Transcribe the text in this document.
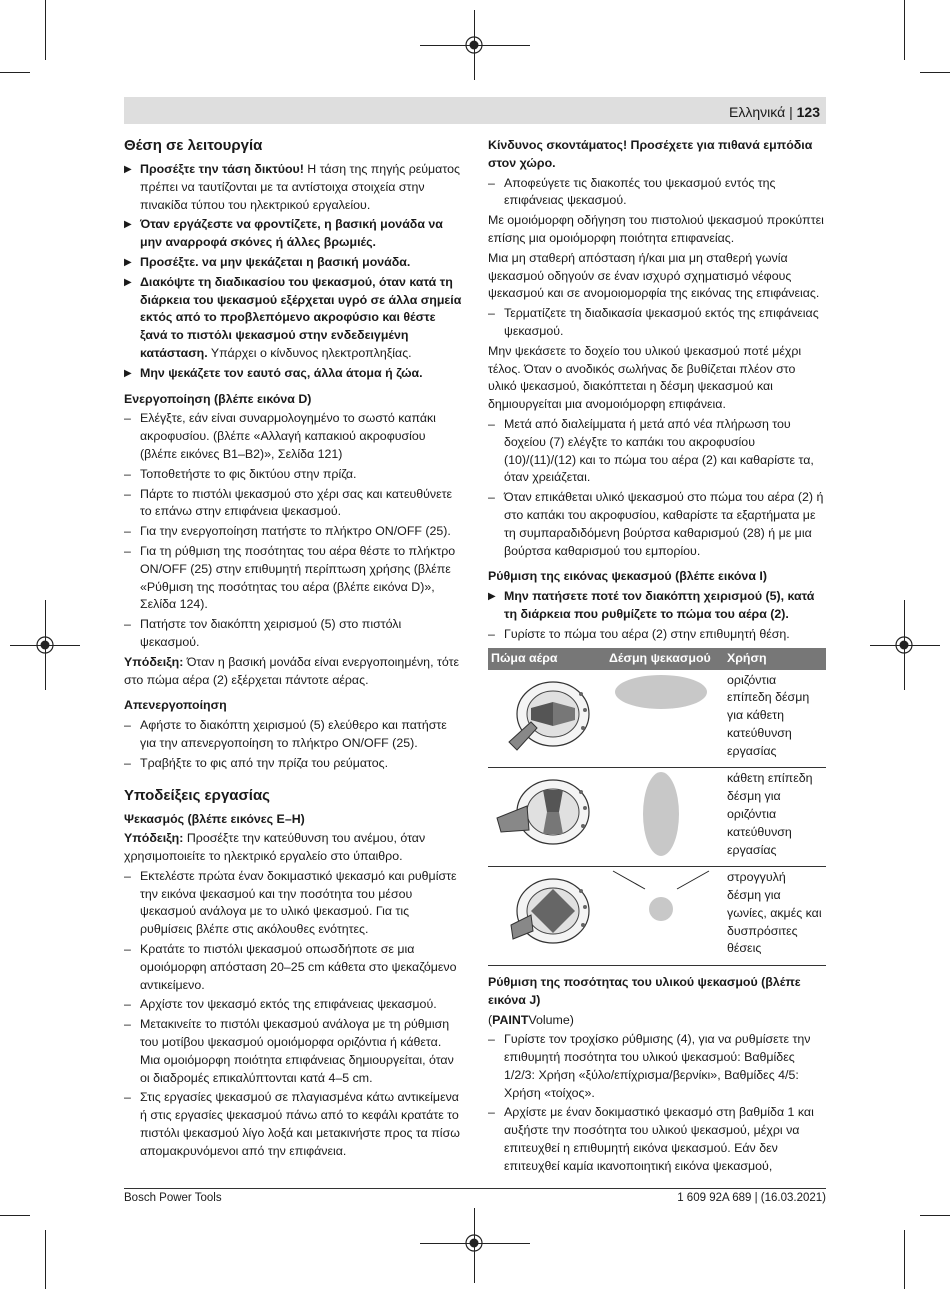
Ελληνικά | 123
Θέση σε λειτουργία
▶ Προσέξτε την τάση δικτύου! Η τάση της πηγής ρεύματος πρέπει να ταυτίζονται με τα αντίστοιχα στοιχεία στην πινακίδα τύπου του ηλεκτρικού εργαλείου.
▶ Όταν εργάζεστε να φροντίζετε, η βασική μονάδα να μην αναρροφά σκόνες ή άλλες βρωμιές.
▶ Προσέξτε. να μην ψεκάζεται η βασική μονάδα.
▶ Διακόψτε τη διαδικασίου του ψεκασμού, όταν κατά τη διάρκεια του ψεκασμού εξέρχεται υγρό σε άλλα σημεία εκτός από το προβλεπόμενο ακροφύσιο και θέστε ξανά το πιστόλι ψεκασμού στην ενδεδειγμένη κατάσταση. Υπάρχει ο κίνδυνος ηλεκτροπληξίας.
▶ Μην ψεκάζετε τον εαυτό σας, άλλα άτομα ή ζώα.
Ενεργοποίηση (βλέπε εικόνα D)
– Ελέγξτε, εάν είναι συναρμολογημένο το σωστό καπάκι ακροφυσίου. (βλέπε «Αλλαγή καπακιού ακροφυσίου (βλέπε εικόνες B1–B2)», Σελίδα 121)
– Τοποθετήστε το φις δικτύου στην πρίζα.
– Πάρτε το πιστόλι ψεκασμού στο χέρι σας και κατευθύνετε το επάνω στην επιφάνεια ψεκασμού.
– Για την ενεργοποίηση πατήστε το πλήκτρο ON/OFF (25).
– Για τη ρύθμιση της ποσότητας του αέρα θέστε το πλήκτρο ON/OFF (25) στην επιθυμητή περίπτωση χρήσης (βλέπε «Ρύθμιση της ποσότητας του αέρα (βλέπε εικόνα D)», Σελίδα 124).
– Πατήστε τον διακόπτη χειρισμού (5) στο πιστόλι ψεκασμού.

Υπόδειξη: Όταν η βασική μονάδα είναι ενεργοποιημένη, τότε στο πώμα αέρα (2) εξέρχεται πάντοτε αέρας.

Απενεργοποίηση
– Αφήστε το διακόπτη χειρισμού (5) ελεύθερο και πατήστε για την απενεργοποίηση το πλήκτρο ON/OFF (25).
– Τραβήξτε το φις από την πρίζα του ρεύματος.
Υποδείξεις εργασίας
Ψεκασμός (βλέπε εικόνες E–H)

Υπόδειξη: Προσέξτε την κατεύθυνση του ανέμου, όταν χρησιμοποιείτε το ηλεκτρικό εργαλείο στο ύπαιθρο.

– Εκτελέστε πρώτα έναν δοκιμαστικό ψεκασμό και ρυθμίστε την εικόνα ψεκασμού και την ποσότητα του μέσου ψεκασμού ανάλογα με το υλικό ψεκασμού. Για τις ρυθμίσεις βλέπε στις ακόλουθες ενότητες.
– Κρατάτε το πιστόλι ψεκασμού οπωσδήποτε σε μια ομοιόμορφη απόσταση 20–25 cm κάθετα στο ψεκαζόμενο αντικείμενο.
– Αρχίστε τον ψεκασμό εκτός της επιφάνειας ψεκασμού.
– Μετακινείτε το πιστόλι ψεκασμού ανάλογα με τη ρύθμιση του μοτίβου ψεκασμού ομοιόμορφα οριζόντια ή κάθετα. Μια ομοιόμορφη ποιότητα επιφάνειας δημιουργείται, όταν οι διαδρομές επικαλύπτονται κατά 4–5 cm.
– Στις εργασίες ψεκασμού σε πλαγιασμένα κάτω αντικείμενα ή στις εργασίες ψεκασμού πάνω από το κεφάλι κρατάτε το πιστόλι ψεκασμού λίγο λοξά και μετακινήστε προς τα πίσω απομακρυνόμενοι από την επιφάνεια.

Κίνδυνος σκοντάματος! Προσέχετε για πιθανά εμπόδια στον χώρο.

– Αποφεύγετε τις διακοπές του ψεκασμού εντός της επιφάνειας ψεκασμού.

Με ομοιόμορφη οδήγηση του πιστολιού ψεκασμού προκύπτει επίσης μια ομοιόμορφη ποιότητα επιφανείας.

Μια μη σταθερή απόσταση ή/και μια μη σταθερή γωνία ψεκασμού οδηγούν σε έναν ισχυρό σχηματισμό νέφους ψεκασμού και σε ανομοιομορφία της εικόνας της επιφάνειας.

– Τερματίζετε τη διαδικασία ψεκασμού εκτός της επιφάνειας ψεκασμού.

Μην ψεκάσετε το δοχείο του υλικού ψεκασμού ποτέ μέχρι τέλος. Όταν ο ανοδικός σωλήνας δε βυθίζεται πλέον στο υλικό ψεκασμού, διακόπτεται η δέσμη ψεκασμού και δημιουργείται μια ανομοιόμορφη επιφάνεια.

– Μετά από διαλείμματα ή μετά από νέα πλήρωση του δοχείου (7) ελέγξτε το καπάκι του ακροφυσίου (10)/(11)/(12) και το πώμα του αέρα (2) και καθαρίστε τα, όταν χρειάζεται.
– Όταν επικάθεται υλικό ψεκασμού στο πώμα του αέρα (2) ή στο καπάκι του ακροφυσίου, καθαρίστε τα εξαρτήματα με τη συμπαραδιδόμενη βούρτσα καθαρισμού (28) ή με μια βούρτσα καθαρισμού του εμπορίου.
Ρύθμιση της εικόνας ψεκασμού (βλέπε εικόνα I)
▶ Μην πατήσετε ποτέ τον διακόπτη χειρισμού (5), κατά τη διάρκεια που ρυθμίζετε το πώμα του αέρα (2).
– Γυρίστε το πώμα του αέρα (2) στην επιθυμητή θέση.
Πώμα αέρα	Δέσμη ψεκασμού	Χρήση
		οριζόντια επίπεδη δέσμη για κάθετη κατεύθυνση εργασίας
		κάθετη επίπεδη δέσμη για οριζόντια κατεύθυνση εργασίας
		στρογγυλή δέσμη για γωνίες, ακμές και δυσπρόσιτες θέσεις
Ρύθμιση της ποσότητας του υλικού ψεκασμού (βλέπε εικόνα J)

(PAINTVolume)

– Γυρίστε τον τροχίσκο ρύθμισης (4), για να ρυθμίσετε την επιθυμητή ποσότητα του υλικού ψεκασμού: Βαθμίδες 1/2/3: Χρήση «ξύλο/επίχρισμα/βερνίκι», Βαθμίδες 4/5: Χρήση «τοίχος».
– Αρχίστε με έναν δοκιμαστικό ψεκασμό στη βαθμίδα 1 και αυξήστε την ποσότητα του υλικού ψεκασμού, μέχρι να επιτευχθεί η επιθυμητή εικόνα ψεκασμού. Εάν δεν επιτευχθεί καμία ικανοποιητική εικόνα ψεκασμού,
Bosch Power Tools	1 609 92A 689 | (16.03.2021)
